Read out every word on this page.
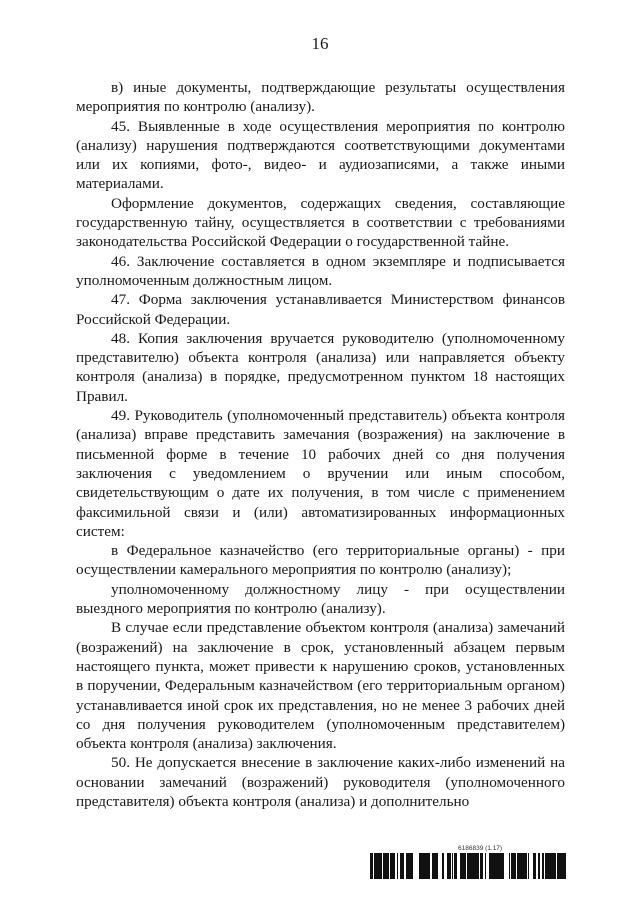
16

в) иные документы, подтверждающие результаты осуществления мероприятия по контролю (анализу).

45. Выявленные в ходе осуществления мероприятия по контролю (анализу) нарушения подтверждаются соответствующими документами или их копиями, фото-, видео- и аудиозаписями, а также иными материалами.

Оформление документов, содержащих сведения, составляющие государственную тайну, осуществляется в соответствии с требованиями законодательства Российской Федерации о государственной тайне.

46. Заключение составляется в одном экземпляре и подписывается уполномоченным должностным лицом.

47. Форма заключения устанавливается Министерством финансов Российской Федерации.

48. Копия заключения вручается руководителю (уполномоченному представителю) объекта контроля (анализа) или направляется объекту контроля (анализа) в порядке, предусмотренном пунктом 18 настоящих Правил.

49. Руководитель (уполномоченный представитель) объекта контроля (анализа) вправе представить замечания (возражения) на заключение в письменной форме в течение 10 рабочих дней со дня получения заключения с уведомлением о вручении или иным способом, свидетельствующим о дате их получения, в том числе с применением факсимильной связи и (или) автоматизированных информационных систем:

в Федеральное казначейство (его территориальные органы) - при осуществлении камерального мероприятия по контролю (анализу);

уполномоченному должностному лицу - при осуществлении выездного мероприятия по контролю (анализу).

В случае если представление объектом контроля (анализа) замечаний (возражений) на заключение в срок, установленный абзацем первым настоящего пункта, может привести к нарушению сроков, установленных в поручении, Федеральным казначейством (его территориальным органом) устанавливается иной срок их представления, но не менее 3 рабочих дней со дня получения руководителем (уполномоченным представителем) объекта контроля (анализа) заключения.

50. Не допускается внесение в заключение каких-либо изменений на основании замечаний (возражений) руководителя (уполномоченного представителя) объекта контроля (анализа) и дополнительно

6186839 (1.17)
